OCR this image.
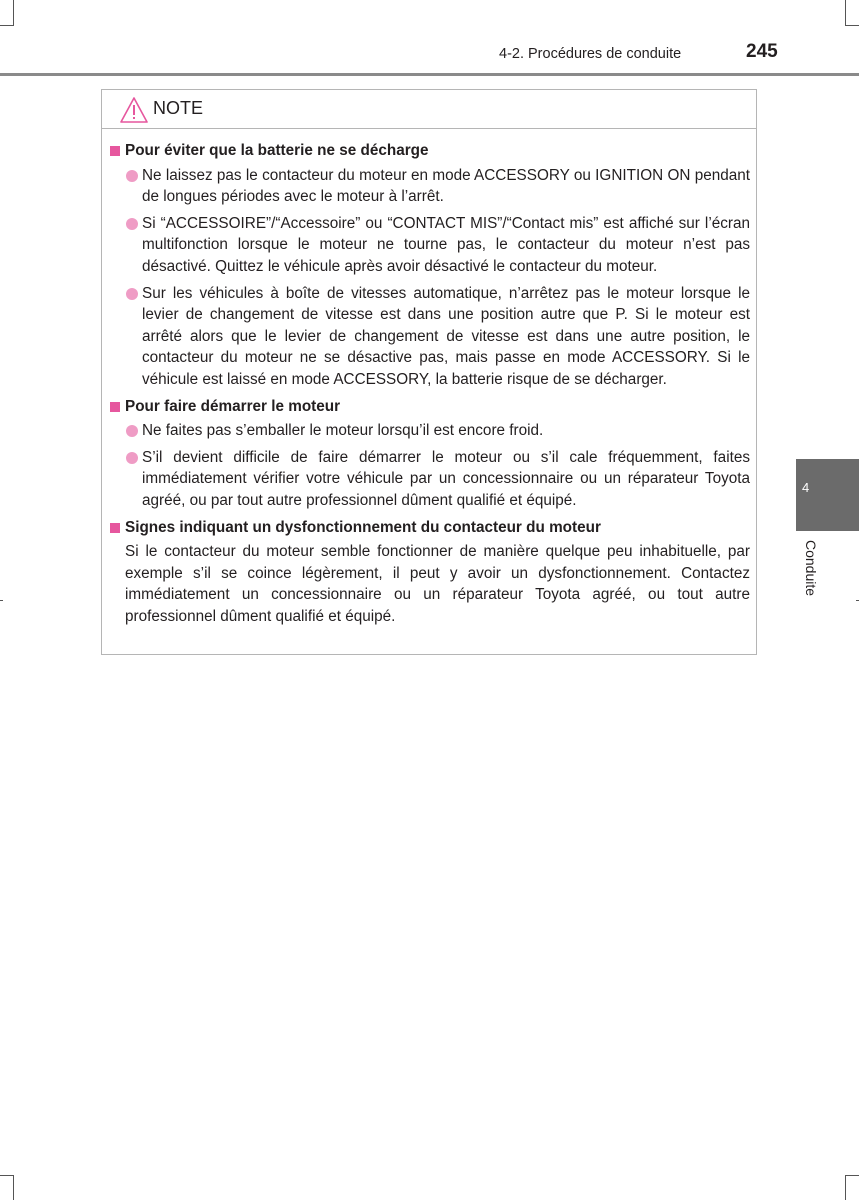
4-2. Procédures de conduite	245
4
Conduite
NOTE
Pour éviter que la batterie ne se décharge
Ne laissez pas le contacteur du moteur en mode ACCESSORY ou IGNITION ON pendant de longues périodes avec le moteur à l’arrêt.
Si “ACCESSOIRE”/“Accessoire” ou “CONTACT MIS”/“Contact mis” est affiché sur l’écran multifonction lorsque le moteur ne tourne pas, le contacteur du moteur n’est pas désactivé. Quittez le véhicule après avoir désactivé le contacteur du moteur.
Sur les véhicules à boîte de vitesses automatique, n’arrêtez pas le moteur lorsque le levier de changement de vitesse est dans une position autre que P. Si le moteur est arrêté alors que le levier de changement de vitesse est dans une autre position, le contacteur du moteur ne se désactive pas, mais passe en mode ACCESSORY. Si le véhicule est laissé en mode ACCESSORY, la batterie risque de se décharger.
Pour faire démarrer le moteur
Ne faites pas s’emballer le moteur lorsqu’il est encore froid.
S’il devient difficile de faire démarrer le moteur ou s’il cale fréquemment, faites immédiatement vérifier votre véhicule par un concessionnaire ou un réparateur Toyota agréé, ou par tout autre professionnel dûment qualifié et équipé.
Signes indiquant un dysfonctionnement du contacteur du moteur
Si le contacteur du moteur semble fonctionner de manière quelque peu inhabituelle, par exemple s’il se coince légèrement, il peut y avoir un dysfonctionnement. Contactez immédiatement un concessionnaire ou un réparateur Toyota agréé, ou tout autre professionnel dûment qualifié et équipé.
